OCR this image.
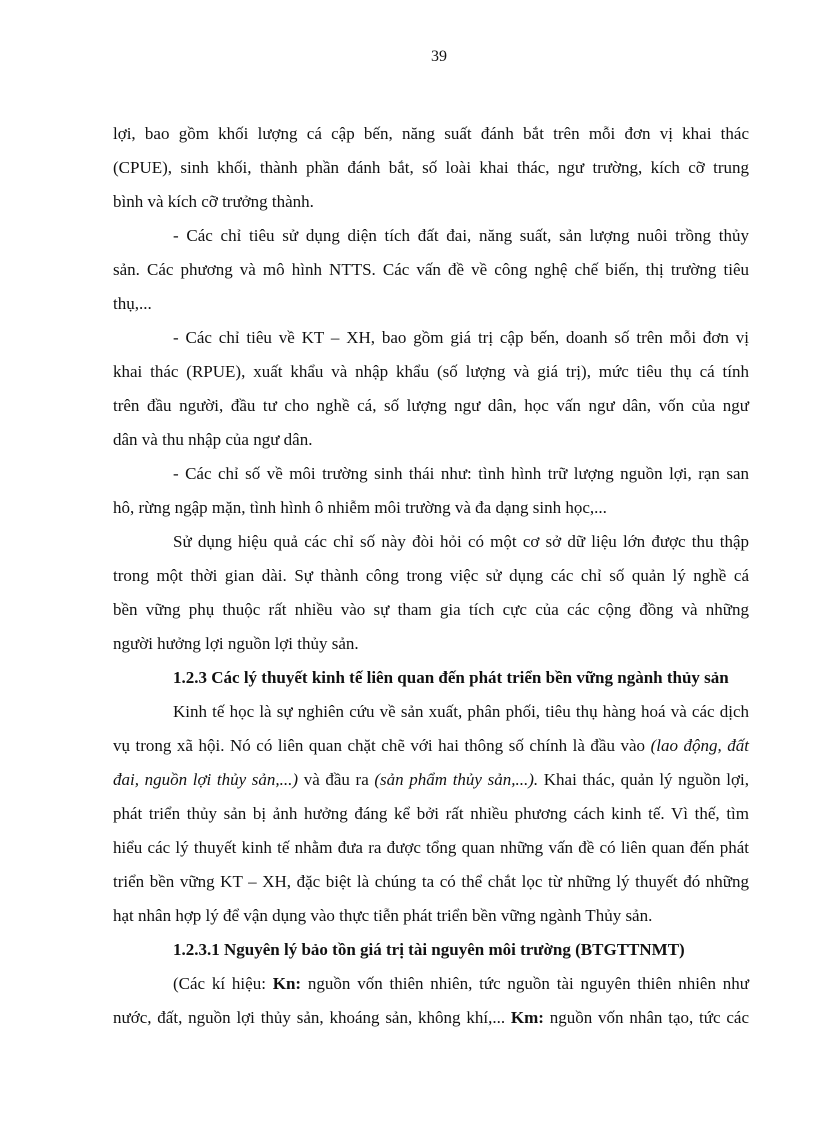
39
lợi, bao gồm khối lượng cá cập bến, năng suất đánh bắt trên mỗi đơn vị khai thác
(CPUE), sinh khối, thành phần đánh bắt, số loài khai thác, ngư trường, kích cỡ trung
bình và kích cỡ trưởng thành.
- Các chỉ tiêu sử dụng diện tích đất đai, năng suất, sản lượng nuôi trồng thủy
sản. Các phương và mô hình NTTS. Các vấn đề về công nghệ chế biến, thị trường tiêu
thụ,...
- Các chỉ tiêu về KT – XH, bao gồm giá trị cập bến, doanh số trên mỗi đơn vị
khai thác (RPUE), xuất khẩu và nhập khẩu (số lượng và giá trị), mức tiêu thụ cá tính
trên đầu người, đầu tư cho nghề cá, số lượng ngư dân, học vấn ngư dân, vốn của ngư
dân và thu nhập của ngư dân.
- Các chỉ số về môi trường sinh thái như: tình hình trữ lượng nguồn lợi, rạn san
hô, rừng ngập mặn, tình hình ô nhiễm môi trường và đa dạng sinh học,...
Sử dụng hiệu quả các chỉ số này đòi hỏi có một cơ sở dữ liệu lớn được thu thập
trong một thời gian dài. Sự thành công trong việc sử dụng các chỉ số quản lý nghề cá
bền vững phụ thuộc rất nhiều vào sự tham gia tích cực của các cộng đồng và những
người hưởng lợi nguồn lợi thủy sản.
1.2.3 Các lý thuyết kinh tế liên quan đến phát triển bền vững ngành thủy sản
Kinh tế học là sự nghiên cứu về sản xuất, phân phối, tiêu thụ hàng hoá và các dịch
vụ trong xã hội. Nó có liên quan chặt chẽ với hai thông số chính là đầu vào (lao động, đất
đai, nguồn lợi thủy sản,...) và đầu ra (sản phẩm thủy sản,...). Khai thác, quản lý nguồn lợi,
phát triển thủy sản bị ảnh hưởng đáng kể bởi rất nhiều phương cách kinh tế. Vì thế, tìm
hiểu các lý thuyết kinh tế nhằm đưa ra được tổng quan những vấn đề có liên quan đến phát
triển bền vững KT – XH, đặc biệt là chúng ta có thể chắt lọc từ những lý thuyết đó những
hạt nhân hợp lý để vận dụng vào thực tiễn phát triển bền vững ngành Thủy sản.
1.2.3.1 Nguyên lý bảo tồn giá trị tài nguyên môi trường (BTGTTNMT)
(Các kí hiệu: Kn: nguồn vốn thiên nhiên, tức nguồn tài nguyên thiên nhiên như
nước, đất, nguồn lợi thủy sản, khoáng sản, không khí,... Km: nguồn vốn nhân tạo, tức các
